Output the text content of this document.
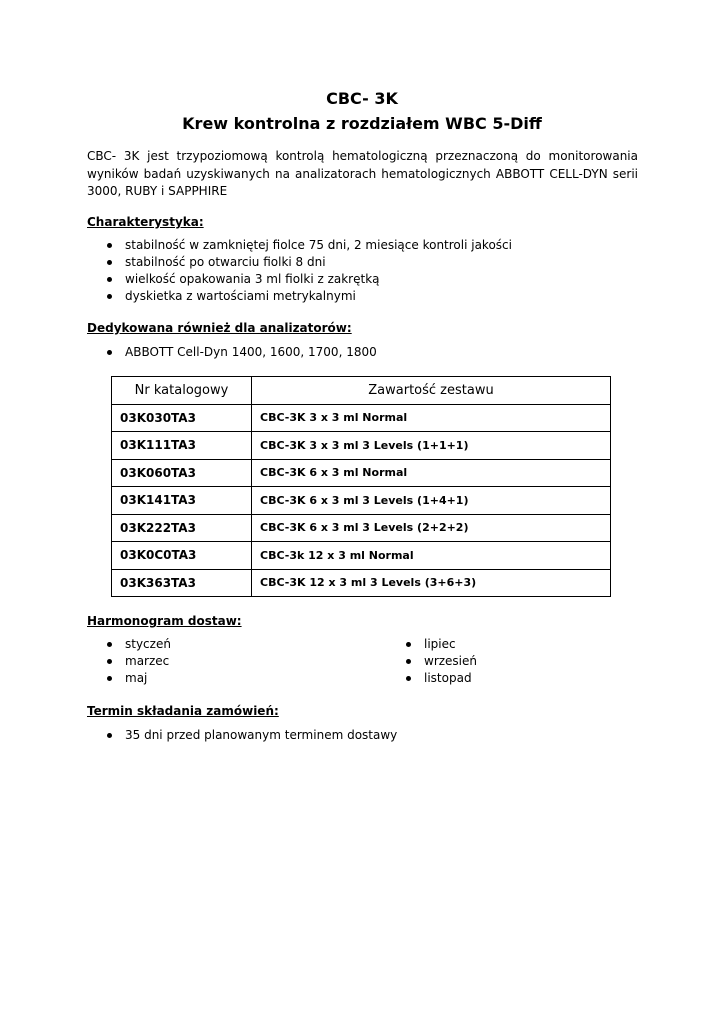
CBC- 3K
Krew kontrolna z rozdziałem WBC 5-Diff
CBC- 3K jest trzypoziomową kontrolą hematologiczną przeznaczoną do monitorowania wyników badań uzyskiwanych na analizatorach hematologicznych ABBOTT CELL-DYN serii 3000, RUBY i SAPPHIRE
Charakterystyka:
stabilność w zamkniętej fiolce 75 dni, 2 miesiące kontroli jakości
stabilność po otwarciu fiolki 8 dni
wielkość opakowania 3 ml fiolki z zakrętką
dyskietka z wartościami metrykalnymi
Dedykowana również dla analizatorów:
ABBOTT Cell-Dyn 1400, 1600, 1700, 1800
Nr katalogowy	Zawartość zestawu
03K030TA3	CBC-3K 3 x 3 ml Normal
03K111TA3	CBC-3K 3 x 3 ml 3 Levels (1+1+1)
03K060TA3	CBC-3K 6 x 3 ml Normal
03K141TA3	CBC-3K 6 x 3 ml 3 Levels (1+4+1)
03K222TA3	CBC-3K 6 x 3 ml 3 Levels (2+2+2)
03K0C0TA3	CBC-3k 12 x 3 ml Normal
03K363TA3	CBC-3K 12 x 3 ml 3 Levels (3+6+3)
Harmonogram dostaw:
styczeń
marzec
maj
lipiec
wrzesień
listopad
Termin składania zamówień:
35 dni przed planowanym terminem dostawy
